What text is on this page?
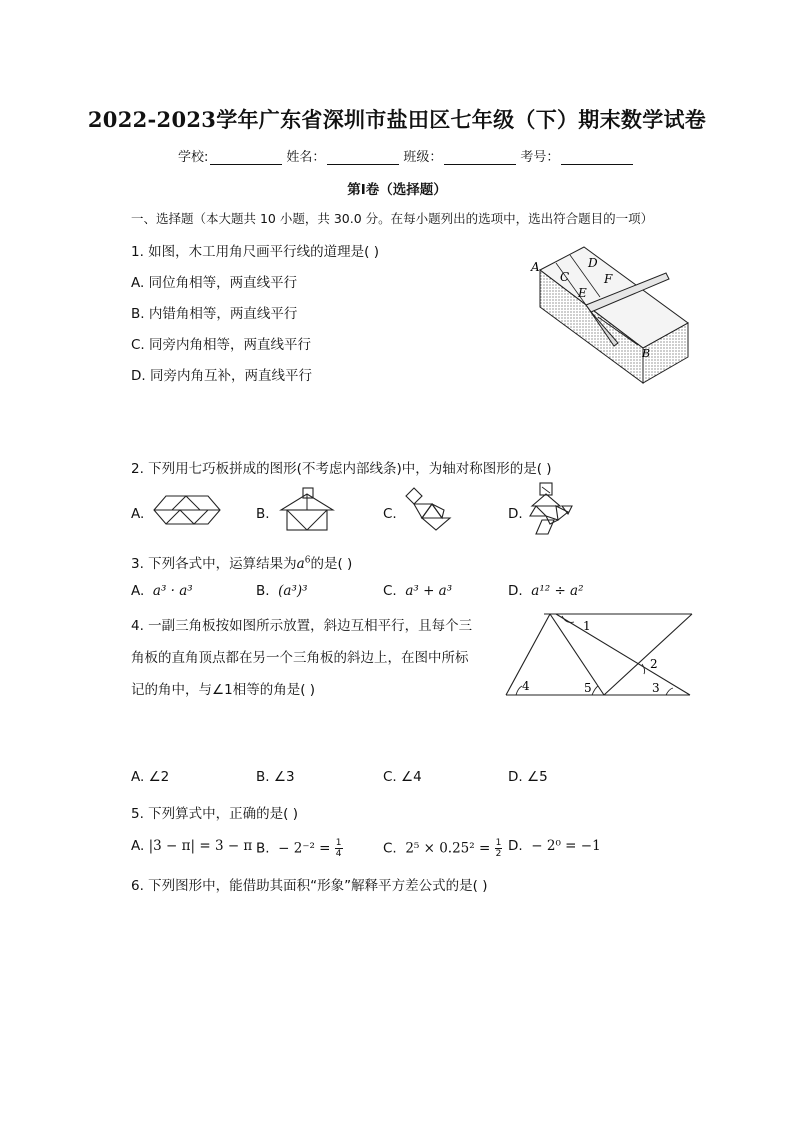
2022-2023学年广东省深圳市盐田区七年级（下）期末数学试卷
学校:	姓名：	班级：	考号：
第Ⅰ卷（选择题）
一、选择题（本大题共 10 小题，共 30.0 分。在每小题列出的选项中，选出符合题目的一项）
1. 如图，木工用角尺画平行线的道理是( )
A. 同位角相等，两直线平行
B. 内错角相等，两直线平行
C. 同旁内角相等，两直线平行
D. 同旁内角互补，两直线平行
A
C
D
E
F
B
2. 下列用七巧板拼成的图形(不考虑内部线条)中，为轴对称图形的是( )
A.	B.	C.	D.
3. 下列各式中，运算结果为$a^6$的是( )
A. a³ · a³	B. (a³)³	C. a³ + a³	D. a¹² ÷ a²
4. 一副三角板按如图所示放置，斜边互相平行，且每个三
角板的直角顶点都在另一个三角板的斜边上，在图中所标
记的角中，与∠1相等的角是( )
1
2
3
4	5
A. ∠2	B. ∠3	C. ∠4	D. ∠5
5. 下列算式中，正确的是( )
A. |3 − π| = 3 − π B. − $2^{-2} = \frac{1}{4}$	C. $2^5 \times 0.25^2 = \frac{1}{2} D$. − 2⁰ = −1
6. 下列图形中，能借助其面积“形象”解释平方差公式的是( )
